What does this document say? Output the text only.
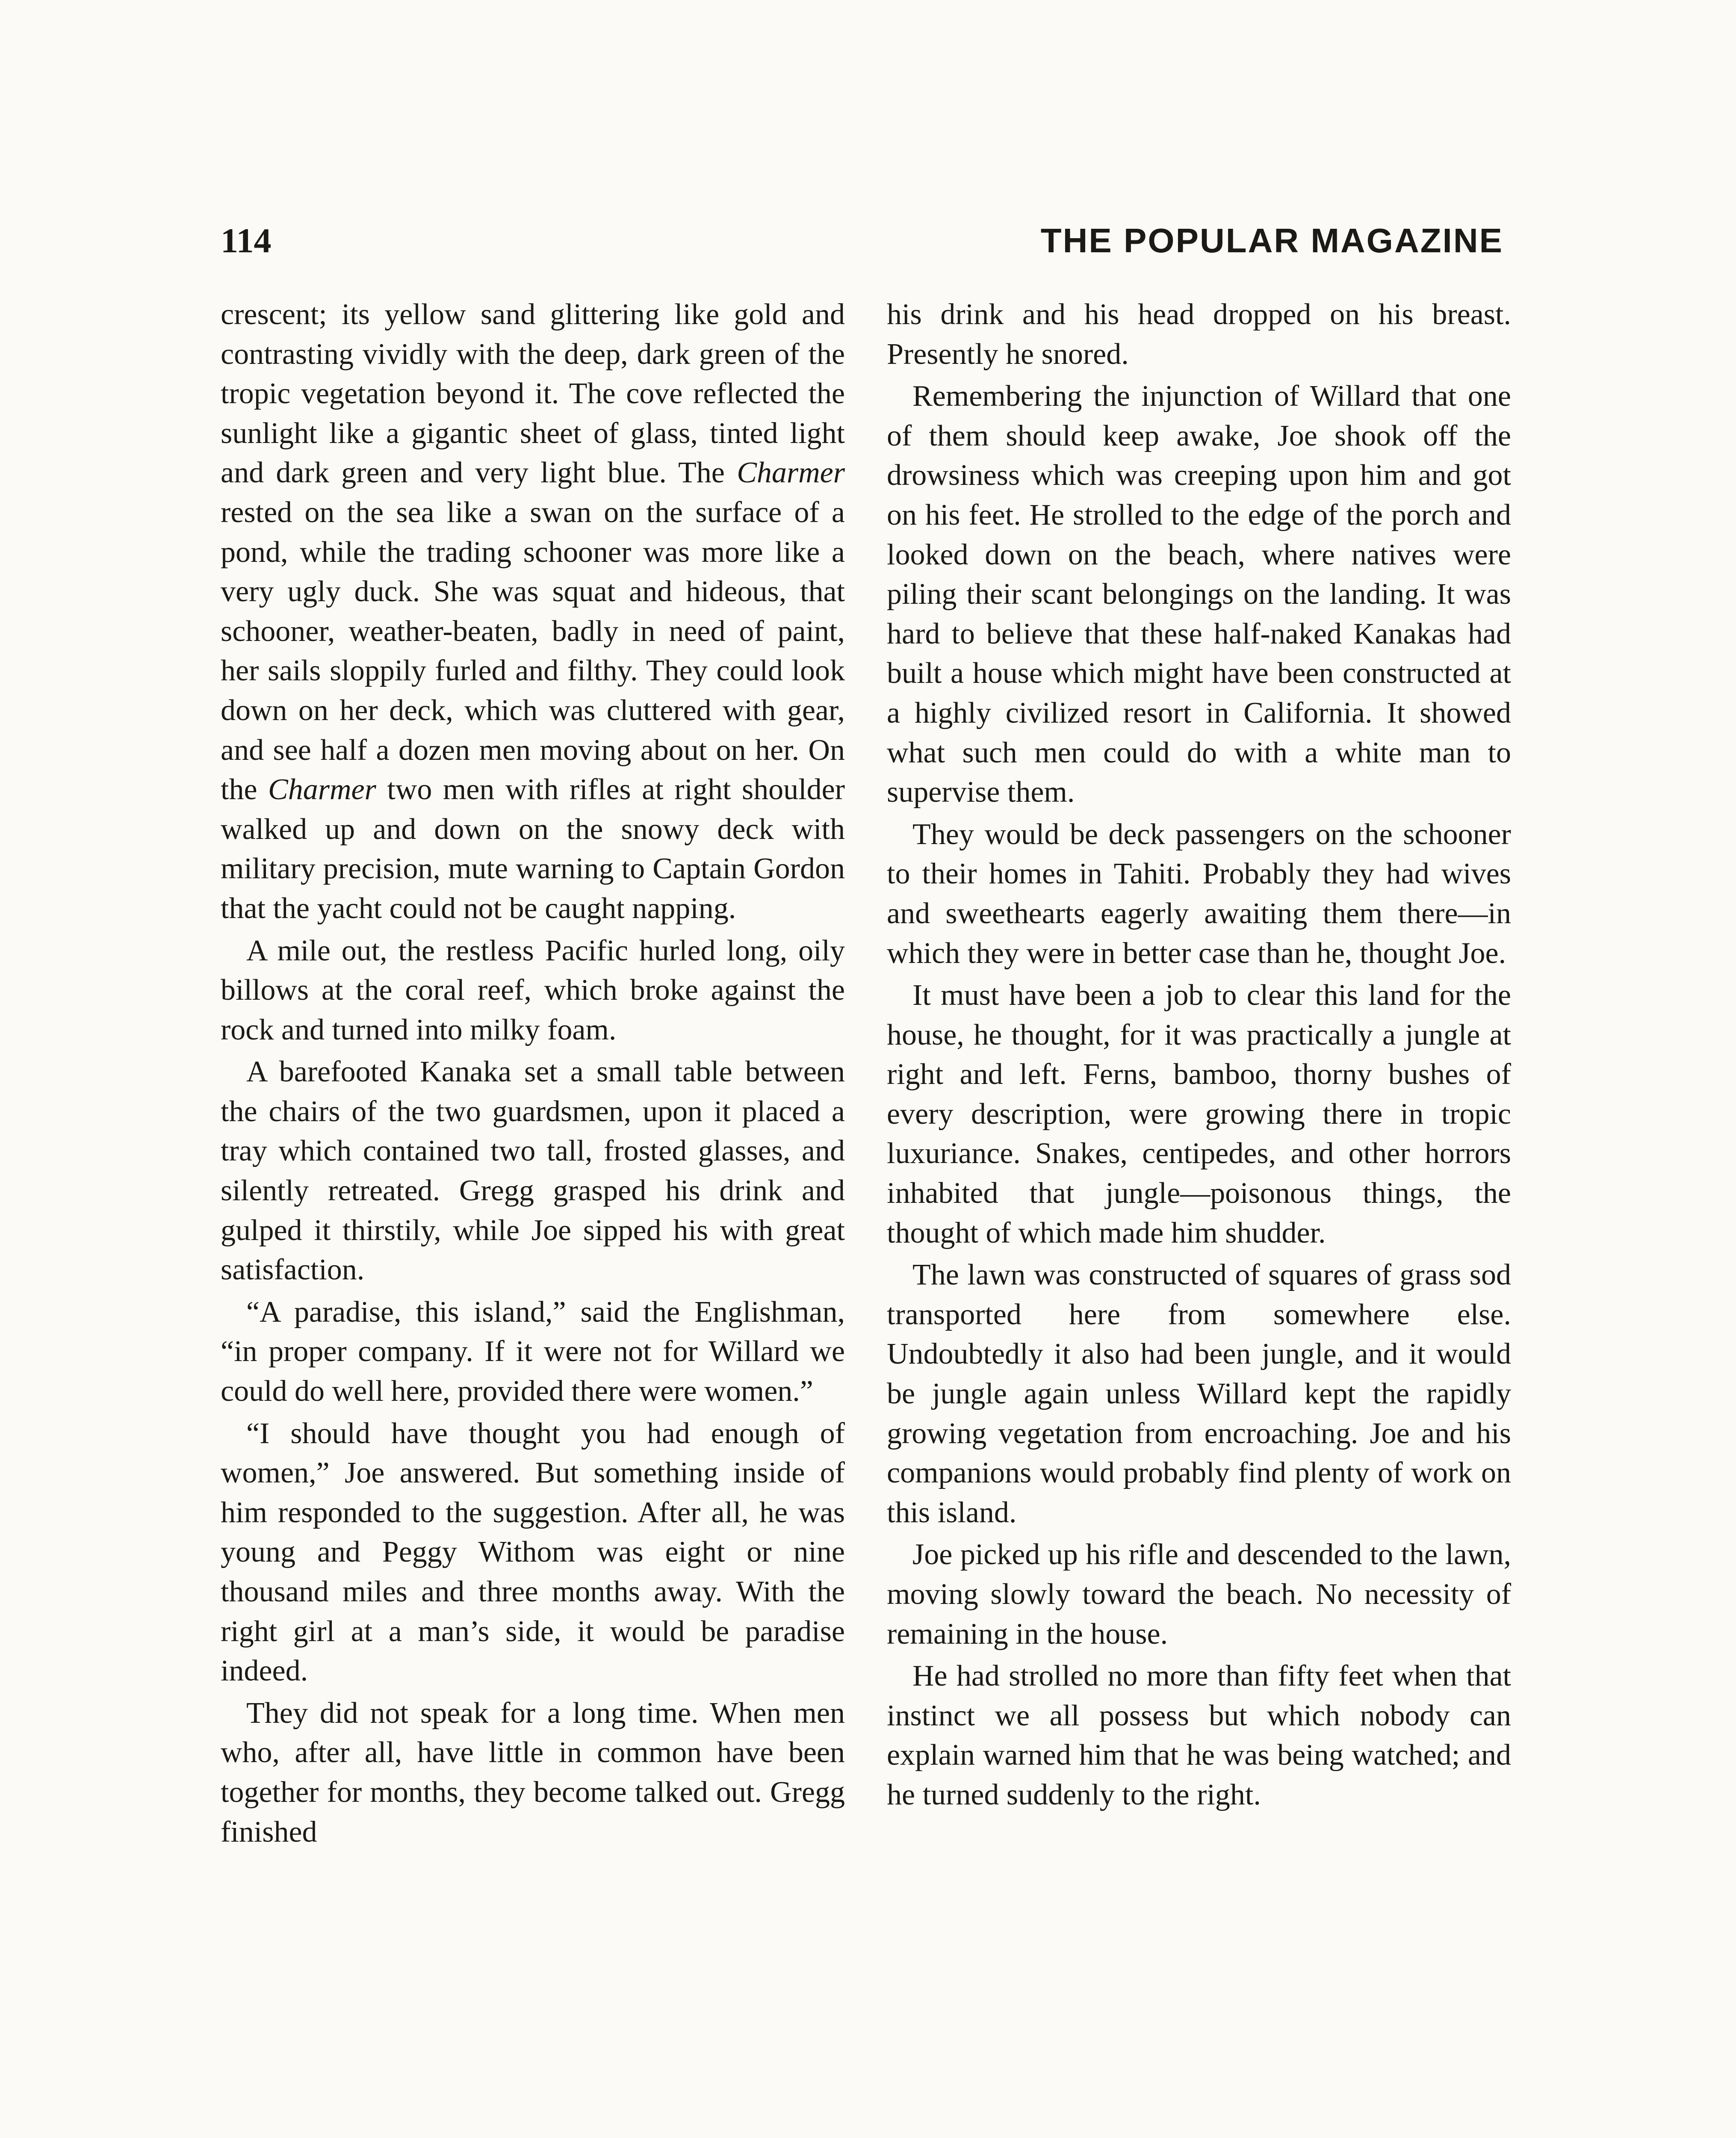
114	THE POPULAR MAGAZINE

crescent; its yellow sand glittering like gold and contrasting vividly with the deep, dark green of the tropic vegetation beyond it. The cove reflected the sunlight like a gigantic sheet of glass, tinted light and dark green and very light blue. The Charmer rested on the sea like a swan on the surface of a pond, while the trading schooner was more like a very ugly duck. She was squat and hideous, that schooner, weather-beaten, badly in need of paint, her sails sloppily furled and filthy. They could look down on her deck, which was cluttered with gear, and see half a dozen men moving about on her. On the Charmer two men with rifles at right shoulder walked up and down on the snowy deck with military precision, mute warning to Captain Gordon that the yacht could not be caught napping.

A mile out, the restless Pacific hurled long, oily billows at the coral reef, which broke against the rock and turned into milky foam.

A barefooted Kanaka set a small table between the chairs of the two guardsmen, upon it placed a tray which contained two tall, frosted glasses, and silently retreated. Gregg grasped his drink and gulped it thirstily, while Joe sipped his with great satisfaction.

“A paradise, this island,” said the Englishman, “in proper company. If it were not for Willard we could do well here, provided there were women.”

“I should have thought you had enough of women,” Joe answered. But something inside of him responded to the suggestion. After all, he was young and Peggy Withom was eight or nine thousand miles and three months away. With the right girl at a man’s side, it would be paradise indeed.

They did not speak for a long time. When men who, after all, have little in common have been together for months, they become talked out. Gregg finished

his drink and his head dropped on his breast. Presently he snored.

Remembering the injunction of Willard that one of them should keep awake, Joe shook off the drowsiness which was creeping upon him and got on his feet. He strolled to the edge of the porch and looked down on the beach, where natives were piling their scant belongings on the landing. It was hard to believe that these half-naked Kanakas had built a house which might have been constructed at a highly civilized resort in California. It showed what such men could do with a white man to supervise them.

They would be deck passengers on the schooner to their homes in Tahiti. Probably they had wives and sweethearts eagerly awaiting them there—in which they were in better case than he, thought Joe.

It must have been a job to clear this land for the house, he thought, for it was practically a jungle at right and left. Ferns, bamboo, thorny bushes of every description, were growing there in tropic luxuriance. Snakes, centipedes, and other horrors inhabited that jungle—poisonous things, the thought of which made him shudder.

The lawn was constructed of squares of grass sod transported here from somewhere else. Undoubtedly it also had been jungle, and it would be jungle again unless Willard kept the rapidly growing vegetation from encroaching. Joe and his companions would probably find plenty of work on this island.

Joe picked up his rifle and descended to the lawn, moving slowly toward the beach. No necessity of remaining in the house.

He had strolled no more than fifty feet when that instinct we all possess but which nobody can explain warned him that he was being watched; and he turned suddenly to the right.
